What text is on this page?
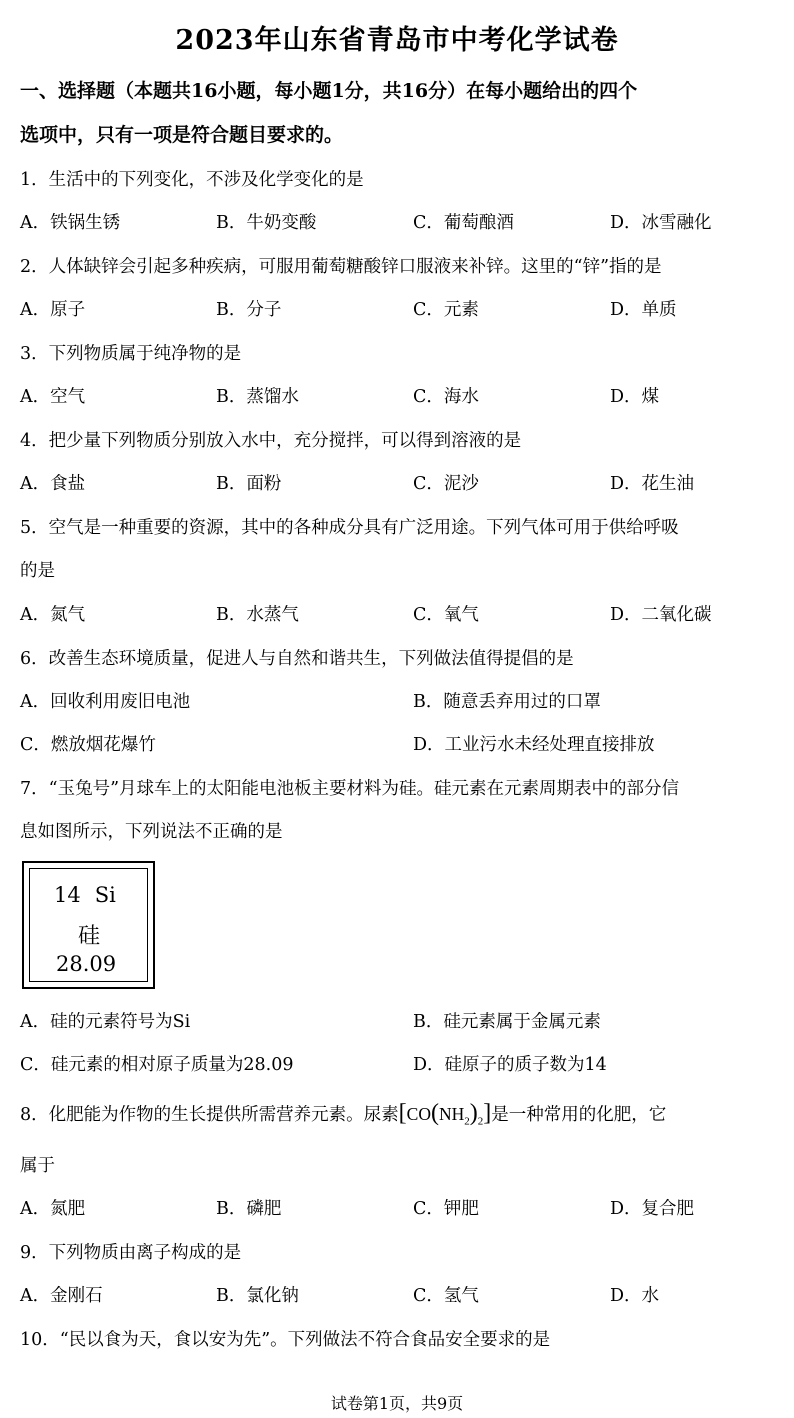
2023年山东省青岛市中考化学试卷
一、选择题（本题共16小题，每小题1分，共16分）在每小题给出的四个
选项中，只有一项是符合题目要求的。
1．生活中的下列变化，不涉及化学变化的是
A．铁锅生锈	B．牛奶变酸	C．葡萄酿酒	D．冰雪融化
2．人体缺锌会引起多种疾病，可服用葡萄糖酸锌口服液来补锌。这里的“锌”指的是
A．原子	B．分子	C．元素	D．单质
3．下列物质属于纯净物的是
A．空气	B．蒸馏水	C．海水	D．煤
4．把少量下列物质分别放入水中，充分搅拌，可以得到溶液的是
A．食盐	B．面粉	C．泥沙	D．花生油
5．空气是一种重要的资源，其中的各种成分具有广泛用途。下列气体可用于供给呼吸
的是
A．氮气	B．水蒸气	C．氧气	D．二氧化碳
6．改善生态环境质量，促进人与自然和谐共生，下列做法值得提倡的是
A．回收利用废旧电池	B．随意丢弃用过的口罩
C．燃放烟花爆竹	D．工业污水未经处理直接排放
7．“玉兔号”月球车上的太阳能电池板主要材料为硅。硅元素在元素周期表中的部分信
息如图所示，下列说法不正确的是
14 Si
硅
28.09
A．硅的元素符号为Si	B．硅元素属于金属元素
C．硅元素的相对原子质量为28.09	D．硅原子的质子数为14
8．化肥能为作物的生长提供所需营养元素。尿素$[CO(NH_2)_2]$是一种常用的化肥，它
属于
A．氮肥	B．磷肥	C．钾肥	D．复合肥
9．下列物质由离子构成的是
A．金刚石	B．氯化钠	C．氢气	D．水
10．“民以食为天，食以安为先”。下列做法不符合食品安全要求的是
试卷第1页，共9页
